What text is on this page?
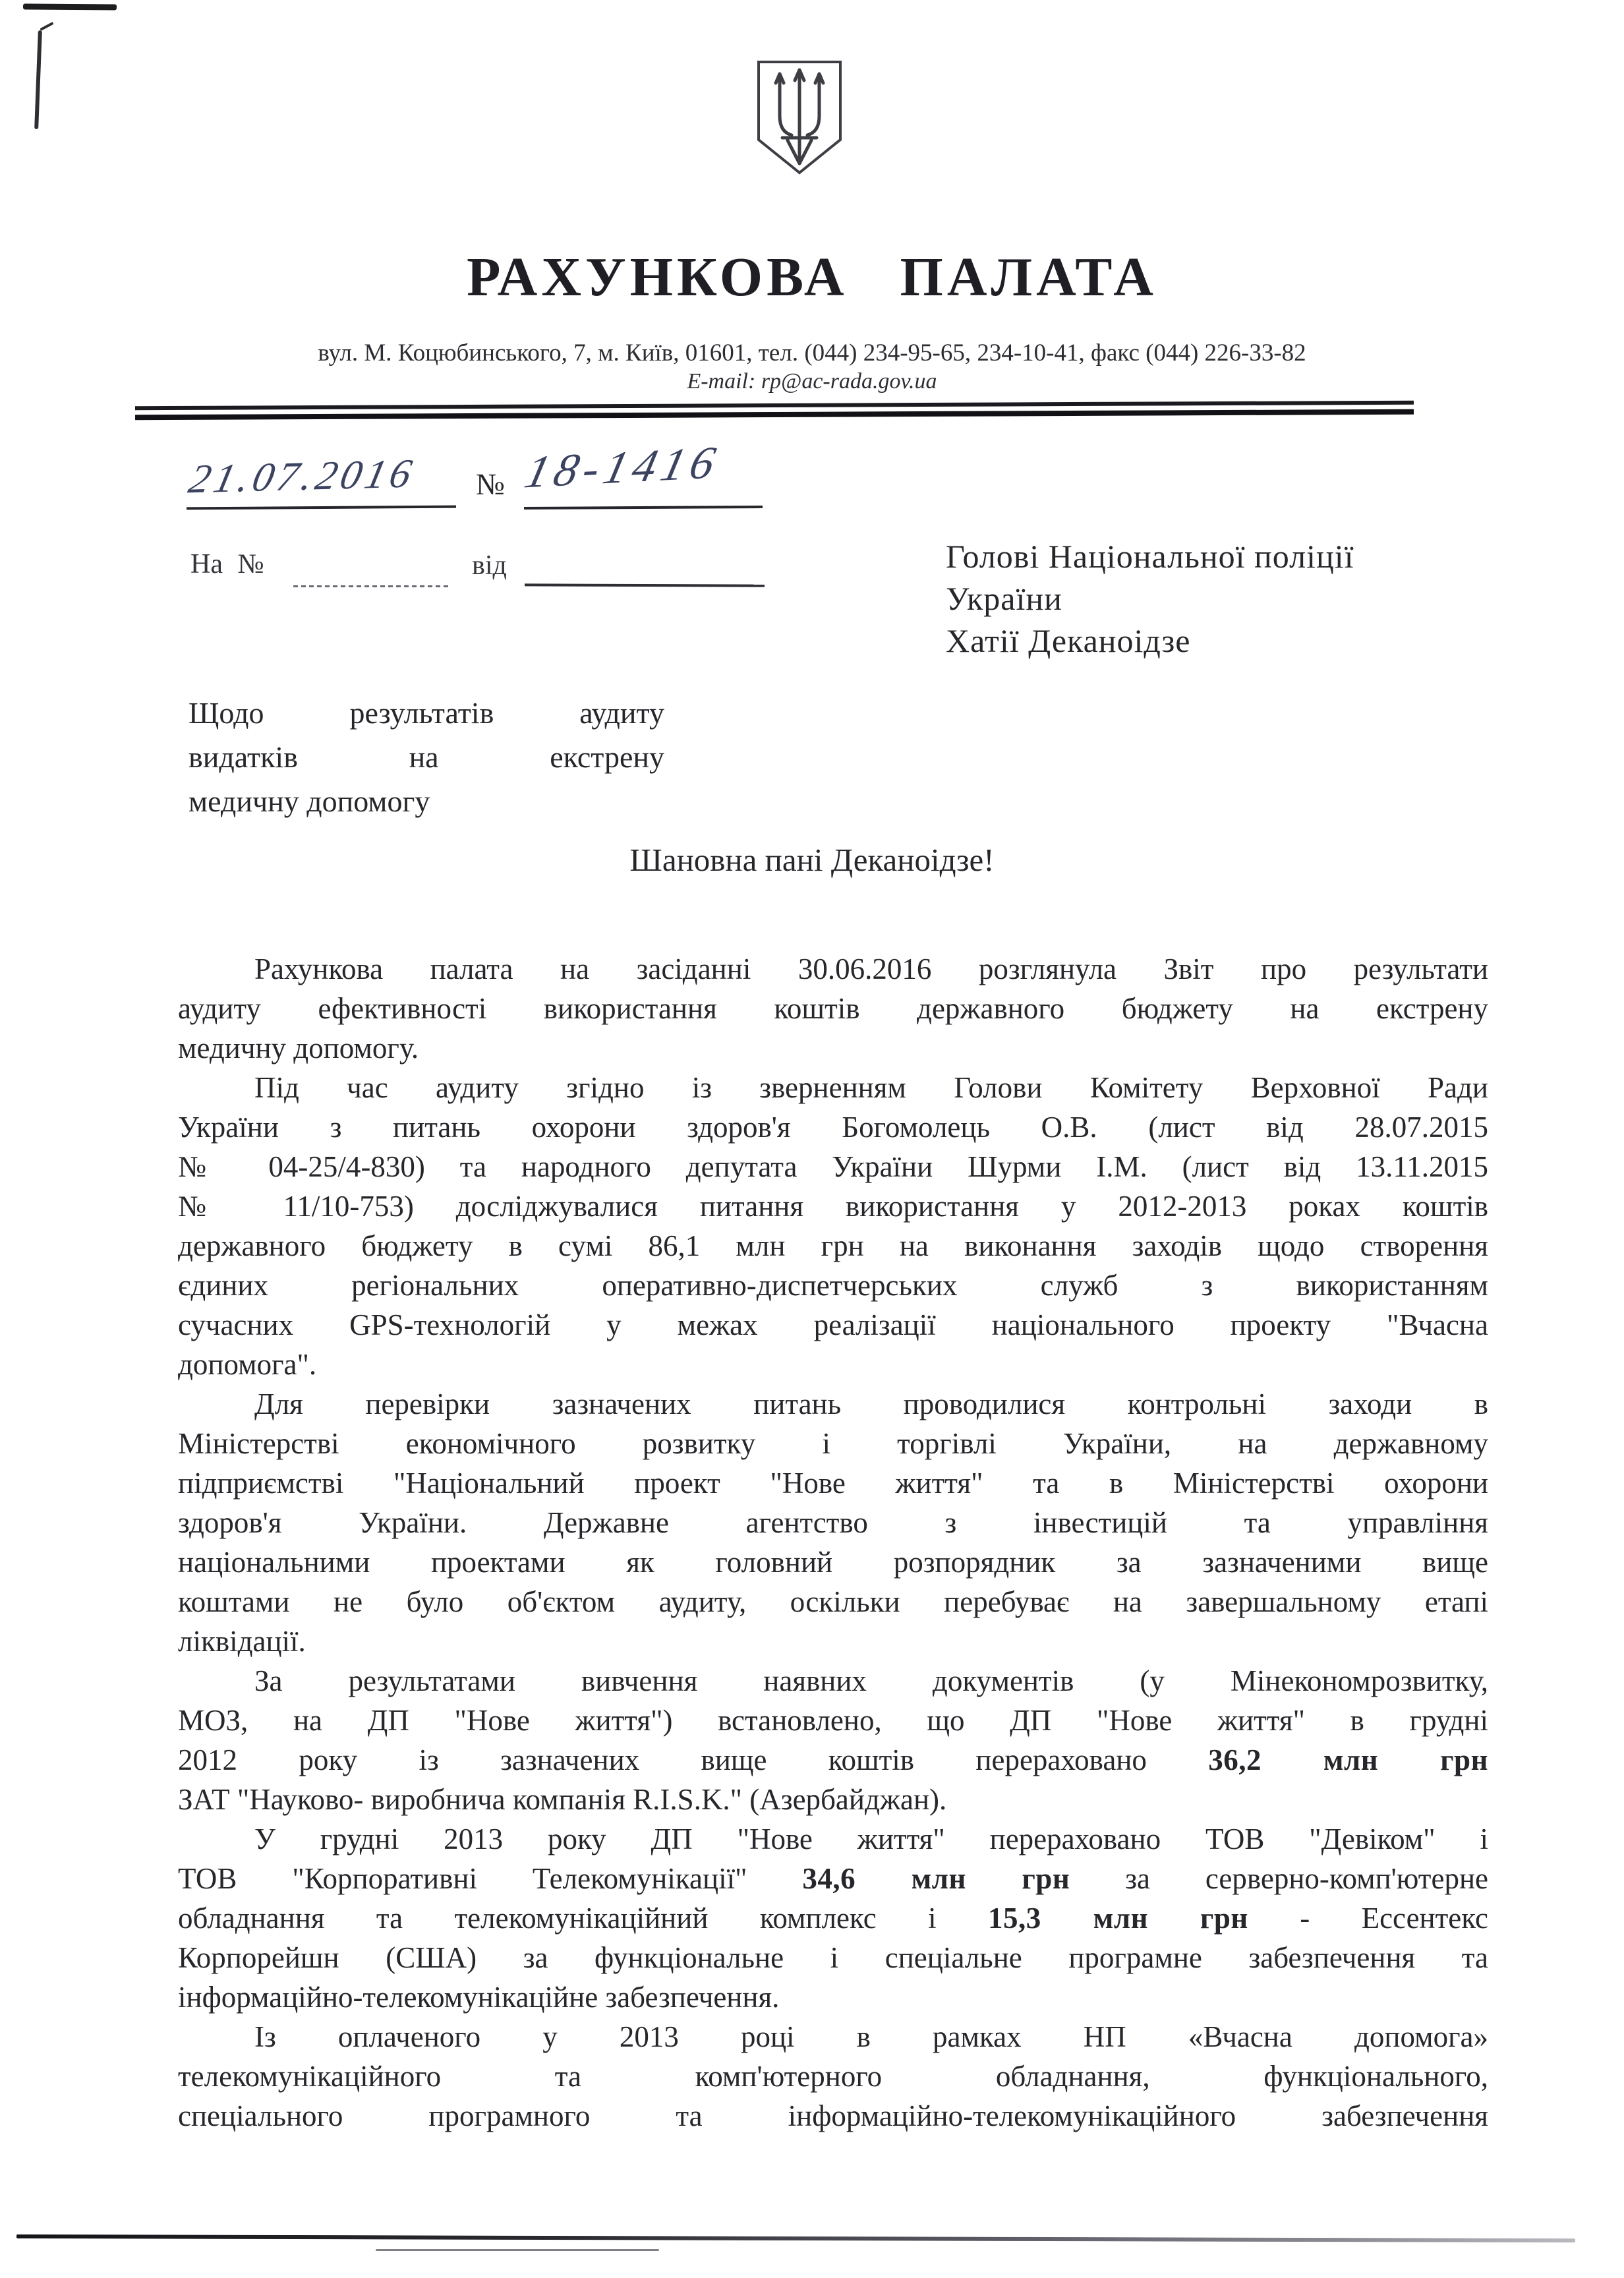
РАХУНКОВА ПАЛАТА
вул. М. Коцюбинського, 7, м. Київ, 01601, тел. (044) 234-95-65, 234-10-41, факс (044) 226-33-82
E-mail: rp@ac-rada.gov.ua
21.07.2016 № 18-1416
На №	від	Голові Національної поліції
України
Хатії Деканоідзе
Щодо результатів аудиту
видатків на екстрену
медичну допомогу
Шановна пані Деканоідзе!
Рахункова палата на засіданні 30.06.2016 розглянула Звіт про результати
аудиту ефективності використання коштів державного бюджету на екстрену
медичну допомогу.
Під час аудиту згідно із зверненням Голови Комітету Верховної Ради
України з питань охорони здоров'я Богомолець О.В. (лист від 28.07.2015
№ 04-25/4-830) та народного депутата України Шурми І.М. (лист від 13.11.2015
№ 11/10-753) досліджувалися питання використання у 2012-2013 роках коштів
державного бюджету в сумі 86,1 млн грн на виконання заходів щодо створення
єдиних регіональних оперативно-диспетчерських служб з використанням
сучасних GPS-технологій у межах реалізації національного проекту "Вчасна
допомога".
Для перевірки зазначених питань проводилися контрольні заходи в
Міністерстві економічного розвитку і торгівлі України, на державному
підприємстві "Національний проект "Нове життя" та в Міністерстві охорони
здоров'я України. Державне агентство з інвестицій та управління
національними проектами як головний розпорядник за зазначеними вище
коштами не було об'єктом аудиту, оскільки перебуває на завершальному етапі
ліквідації.
За результатами вивчення наявних документів (у Мінекономрозвитку,
МОЗ, на ДП "Нове життя") встановлено, що ДП "Нове життя" в грудні
2012 року із зазначених вище коштів перераховано 36,2 млн грн
ЗАТ "Науково- виробнича компанія R.I.S.K." (Азербайджан).
У грудні 2013 року ДП "Нове життя" перераховано ТОВ "Девіком" і
ТОВ "Корпоративні Телекомунікації" 34,6 млн грн за серверно-комп'ютерне
обладнання та телекомунікаційний комплекс і 15,3 млн грн - Ессентекс
Корпорейшн (США) за функціональне і спеціальне програмне забезпечення та
інформаційно-телекомунікаційне забезпечення.
Із оплаченого у 2013 році в рамках НП «Вчасна допомога»
телекомунікаційного та комп'ютерного обладнання, функціонального,
спеціального програмного та інформаційно-телекомунікаційного забезпечення
